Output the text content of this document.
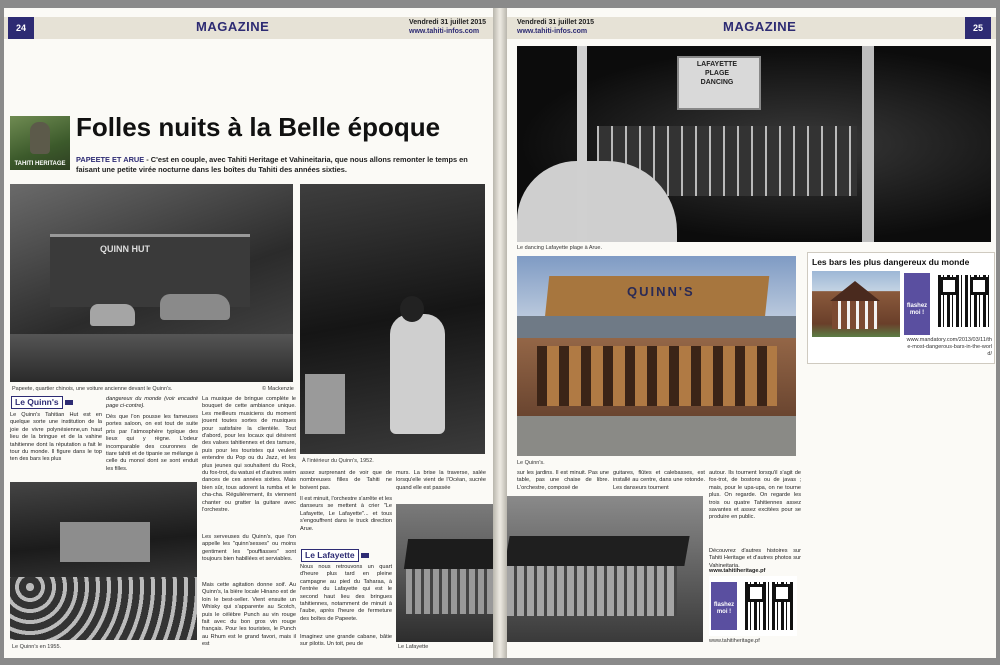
24	MAGAZINE	Vendredi 31 juillet 2015
www.tahiti-infos.com
TAHITI HERITAGE
Folles nuits à la Belle époque
PAPEETE ET ARUE - C'est en couple, avec Tahiti Heritage et Vahineitaria, que nous allons remonter le temps en faisant une petite virée nocturne dans les boîtes du Tahiti des années sixties.
QUINN HUT
Papeete, quartier chinois, une voiture ancienne devant le Quinn's.	© Mackenzie
À l'intérieur du Quinn's, 1952.
Le Quinn's
Le Quinn's Tahitian Hut est en quelque sorte une institution de la joie de vivre polynésienne,un haut lieu de la bringue et de la vahine tahitienne dont la réputation a fait le tour du monde. Il figure dans le top ten des bars les plus
dangereux du monde (voir encadré page ci-contre).
Dès que l'on pousse les fameuses portes saloon, on est tout de suite pris par l'atmosphère typique des lieux qui y règne. L'odeur incomparable des couronnes de tiare tahiti et de tipanie se mélange à celle du monoï dont se sont enduit les filles.
La musique de bringue complète le bouquet de cette ambiance unique. Les meilleurs musiciens du moment jouent toutes sortes de musiques pour satisfaire la clientèle. Tout d'abord, pour les locaux qui désirent des valses tahitiennes et des tamure, puis pour les touristes qui veulent entendre du Pop ou du Jazz, et les plus jeunes qui souhaitent du Rock, du fox-trot, du watusi et d'autres swim dances de ces années sixties. Mais bien sûr, tous adorent la rumba et le cha-cha. Régulièrement, ils viennent chanter ou gratter la guitare avec l'orchestre.
Les serveuses du Quinn's, que l'on appelle les "quinn'sesses" ou moins gentiment les "pouffiasses" sont toujours bien habillées et serviables.
Mais cette agitation donne soif. Au Quinn's, la bière locale Hinano est de loin le best-seller. Vient ensuite un Whisky qui s'apparente au Scotch, puis le célèbre Punch au vin rouge fait avec du bon gros vin rouge français. Pour les touristes, le Punch au Rhum est le grand favori, mais il est
assez surprenant de voir que de nombreuses filles de Tahiti ne boivent pas.
Il est minuit, l'orchestre s'arrête et les danseurs se mettent à crier "Le Lafayette, Le Lafayette"... et tous s'engouffrent dans le truck direction Arue.
Le Lafayette
Nous nous retrouvons un quart d'heure plus tard en pleine campagne au pied du Taharaa, à l'entrée du Lafayette qui est le second haut lieu des bringues tahitiennes, notamment de minuit à l'aube, après l'heure de fermeture des boîtes de Papeete.
Imaginez une grande cabane, bâtie sur pilotis. Un toit, peu de
murs. La brise la traverse, salée lorsqu'elle vient de l'Océan, sucrée quand elle est passée
Le Quinn's en 1955.	Le Lafayette
Vendredi 31 juillet 2015
www.tahiti-infos.com	MAGAZINE	25
LAFAYETTE
PLAGE
DANCING
Le dancing Lafayette plage à Arue.
QUINN'S
Le Quinn's.
sur les jardins. Il est minuit. Pas une table, pas une chaise de libre. L'orchestre, composé de
guitares, flûtes et calebasses, est installé au centre, dans une rotonde. Les danseurs tournent
autour. Ils tournent lorsqu'il s'agit de fox-trot, de bostons ou de javas ; mais, pour le upa-upa, on ne tourne plus. On regarde. On regarde les trois ou quatre Tahitiennes assez savantes et assez excitées pour se produire en public.
Découvrez d'autres histoires sur Tahiti Heritage et d'autres photos sur Vahineitaria.
www.tahitiheritage.pf
flashez moi !
www.tahitiheritage.pf
Les bars les plus dangereux du monde
flashez moi !
www.mandatory.com/2013/03/11/the-most-dangerous-bars-in-the-world/
